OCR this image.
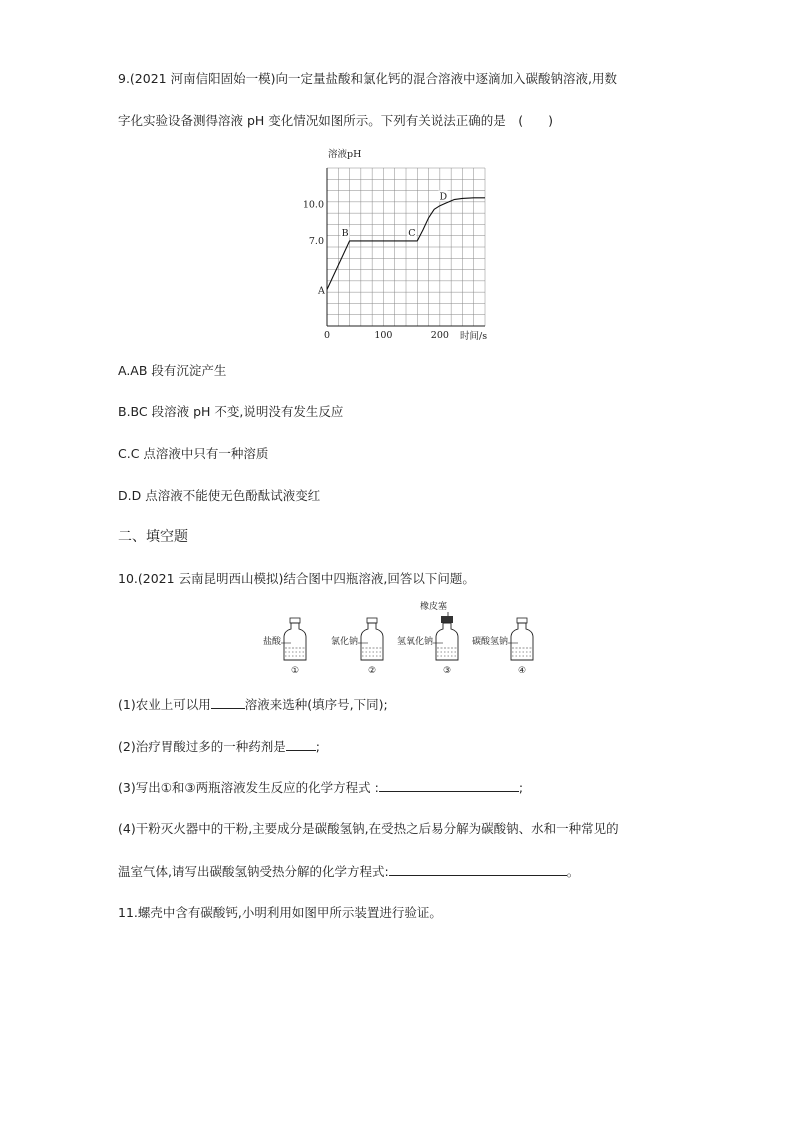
9.(2021 河南信阳固始一模)向一定量盐酸和氯化钙的混合溶液中逐滴加入碳酸钠溶液,用数
字化实验设备测得溶液 pH 变化情况如图所示。下列有关说法正确的是　(　　)
溶液pH
0	100	200
7.0
10.0
A
B	C
D
时间/s
A.AB 段有沉淀产生
B.BC 段溶液 pH 不变,说明没有发生反应
C.C 点溶液中只有一种溶质
D.D 点溶液不能使无色酚酞试液变红
二、填空题
10.(2021 云南昆明西山模拟)结合图中四瓶溶液,回答以下问题。
橡皮塞
盐酸
①
氯化钠
②
氢氧化钠
③
碳酸氢钠
④
(1)农业上可以用	溶液来选种(填序号,下同);
(2)治疗胃酸过多的一种药剂是 ;
(3)写出①和③两瓶溶液发生反应的化学方程式 :	;
(4)干粉灭火器中的干粉,主要成分是碳酸氢钠,在受热之后易分解为碳酸钠、水和一种常见的
温室气体,请写出碳酸氢钠受热分解的化学方程式:	。
11.螺壳中含有碳酸钙,小明利用如图甲所示装置进行验证。
